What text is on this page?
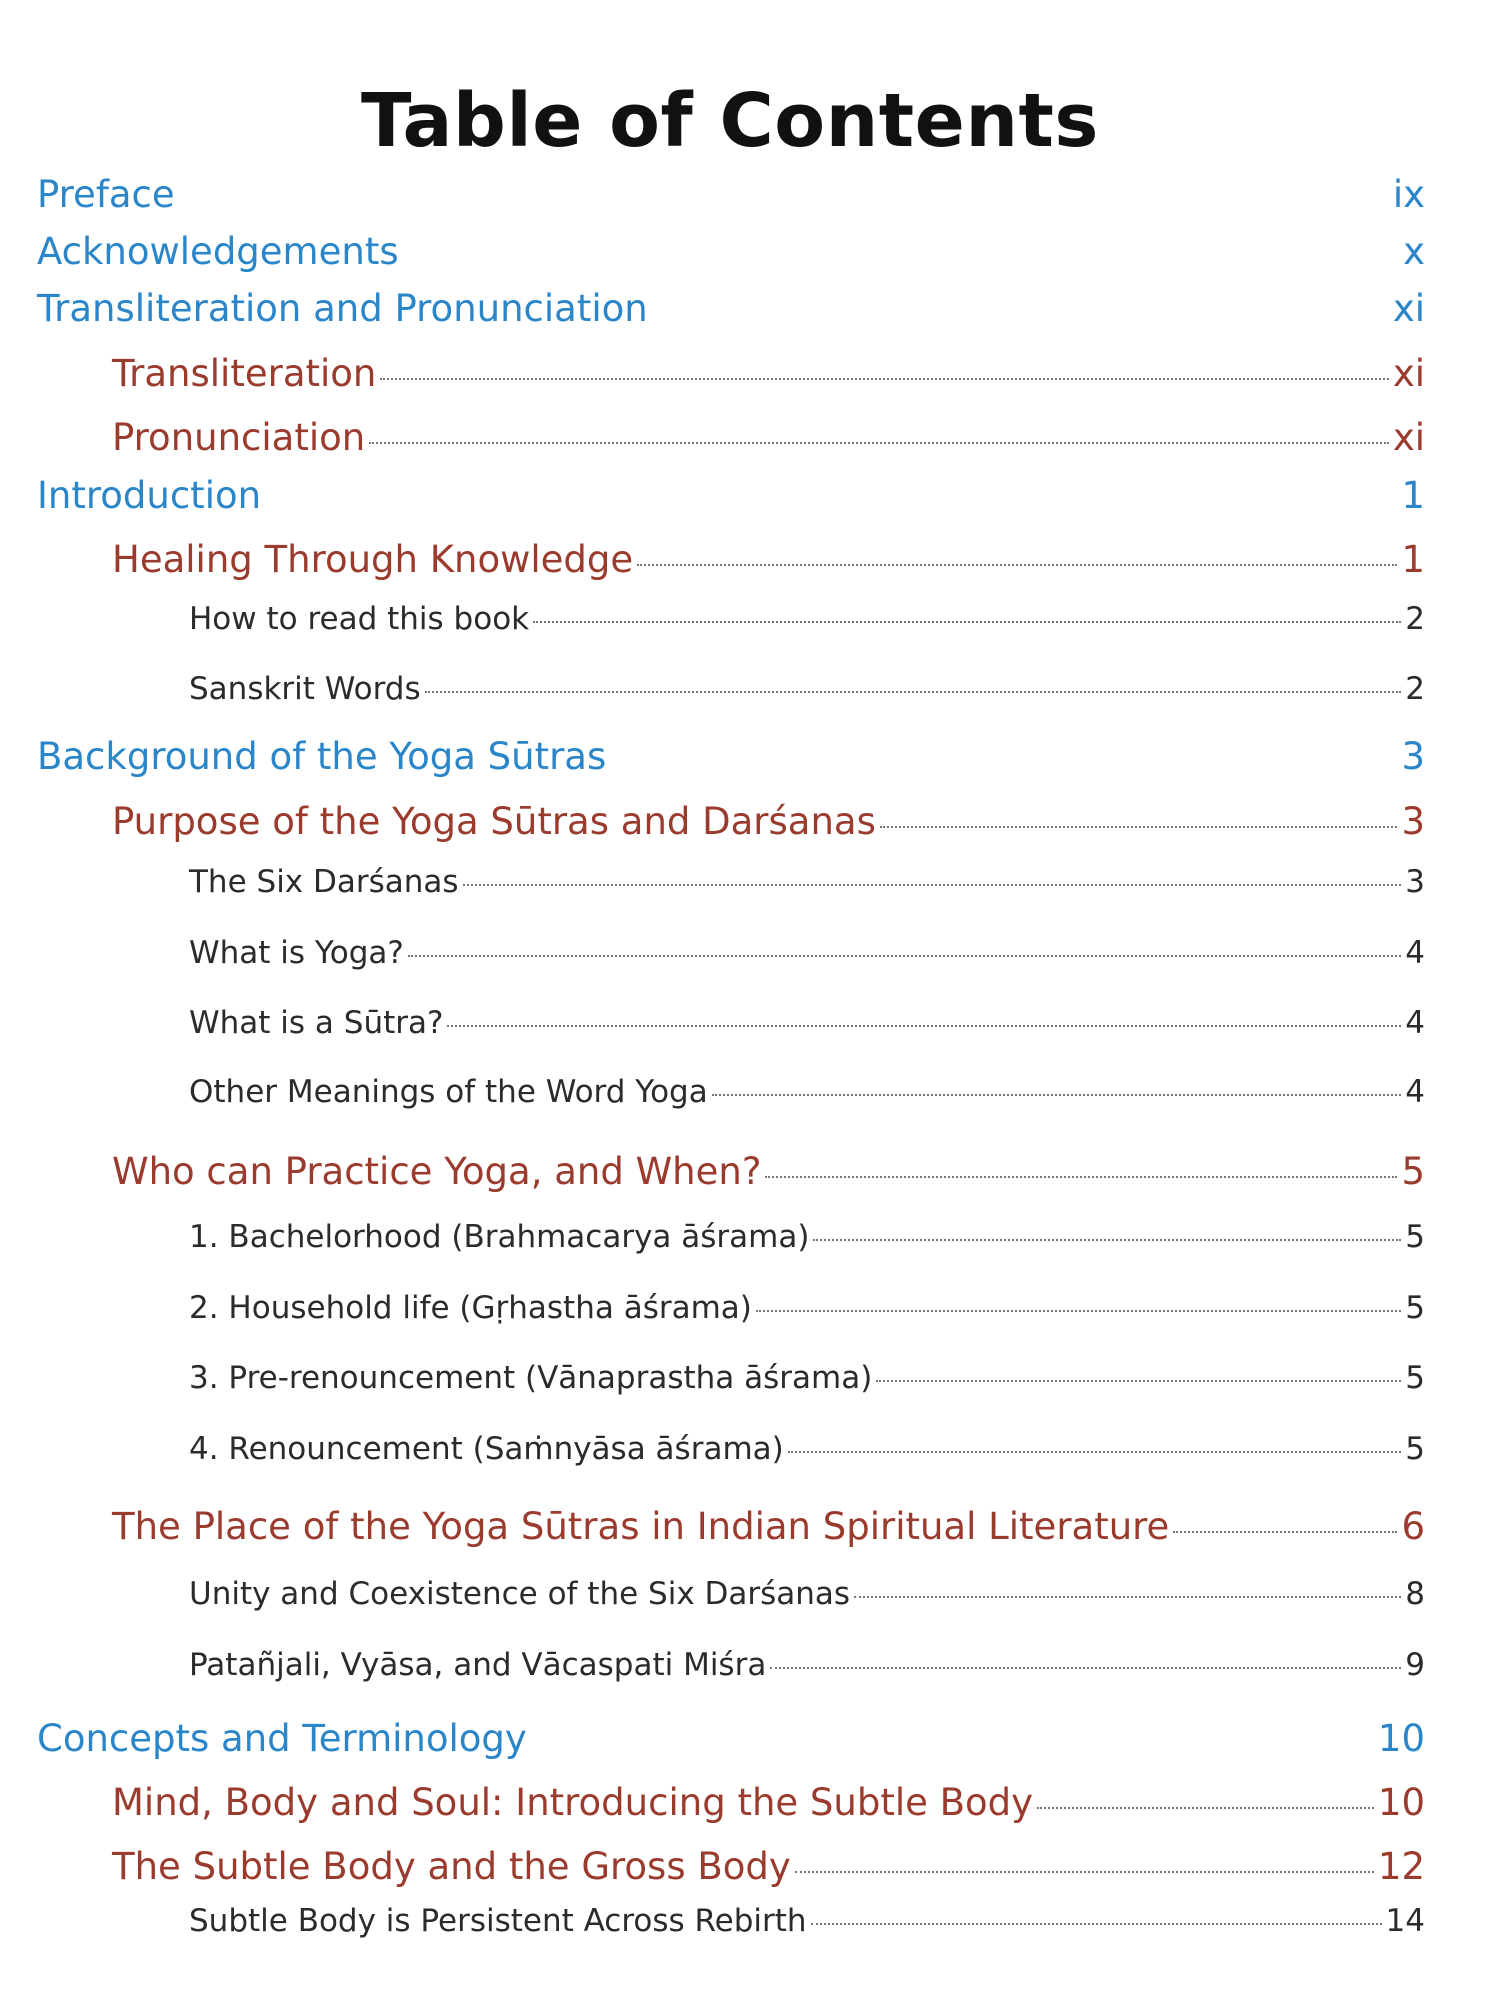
Table of Contents
Preface	ix
Acknowledgements	x
Transliteration and Pronunciation	xi
Transliteration	xi
Pronunciation	xi
Introduction	1
Healing Through Knowledge	1
How to read this book	2
Sanskrit Words	2
Background of the Yoga Sūtras	3
Purpose of the Yoga Sūtras and Darśanas	3
The Six Darśanas	3
What is Yoga?	4
What is a Sūtra?	4
Other Meanings of the Word Yoga	4
Who can Practice Yoga, and When?	5
1. Bachelorhood (Brahmacarya āśrama)	5
2. Household life (Gṛhastha āśrama)	5
3. Pre-renouncement (Vānaprastha āśrama)	5
4. Renouncement (Saṁnyāsa āśrama)	5
The Place of the Yoga Sūtras in Indian Spiritual Literature	6
Unity and Coexistence of the Six Darśanas	8
Patañjali, Vyāsa, and Vācaspati Miśra	9
Concepts and Terminology	10
Mind, Body and Soul: Introducing the Subtle Body	10
The Subtle Body and the Gross Body	12
Subtle Body is Persistent Across Rebirth	14
